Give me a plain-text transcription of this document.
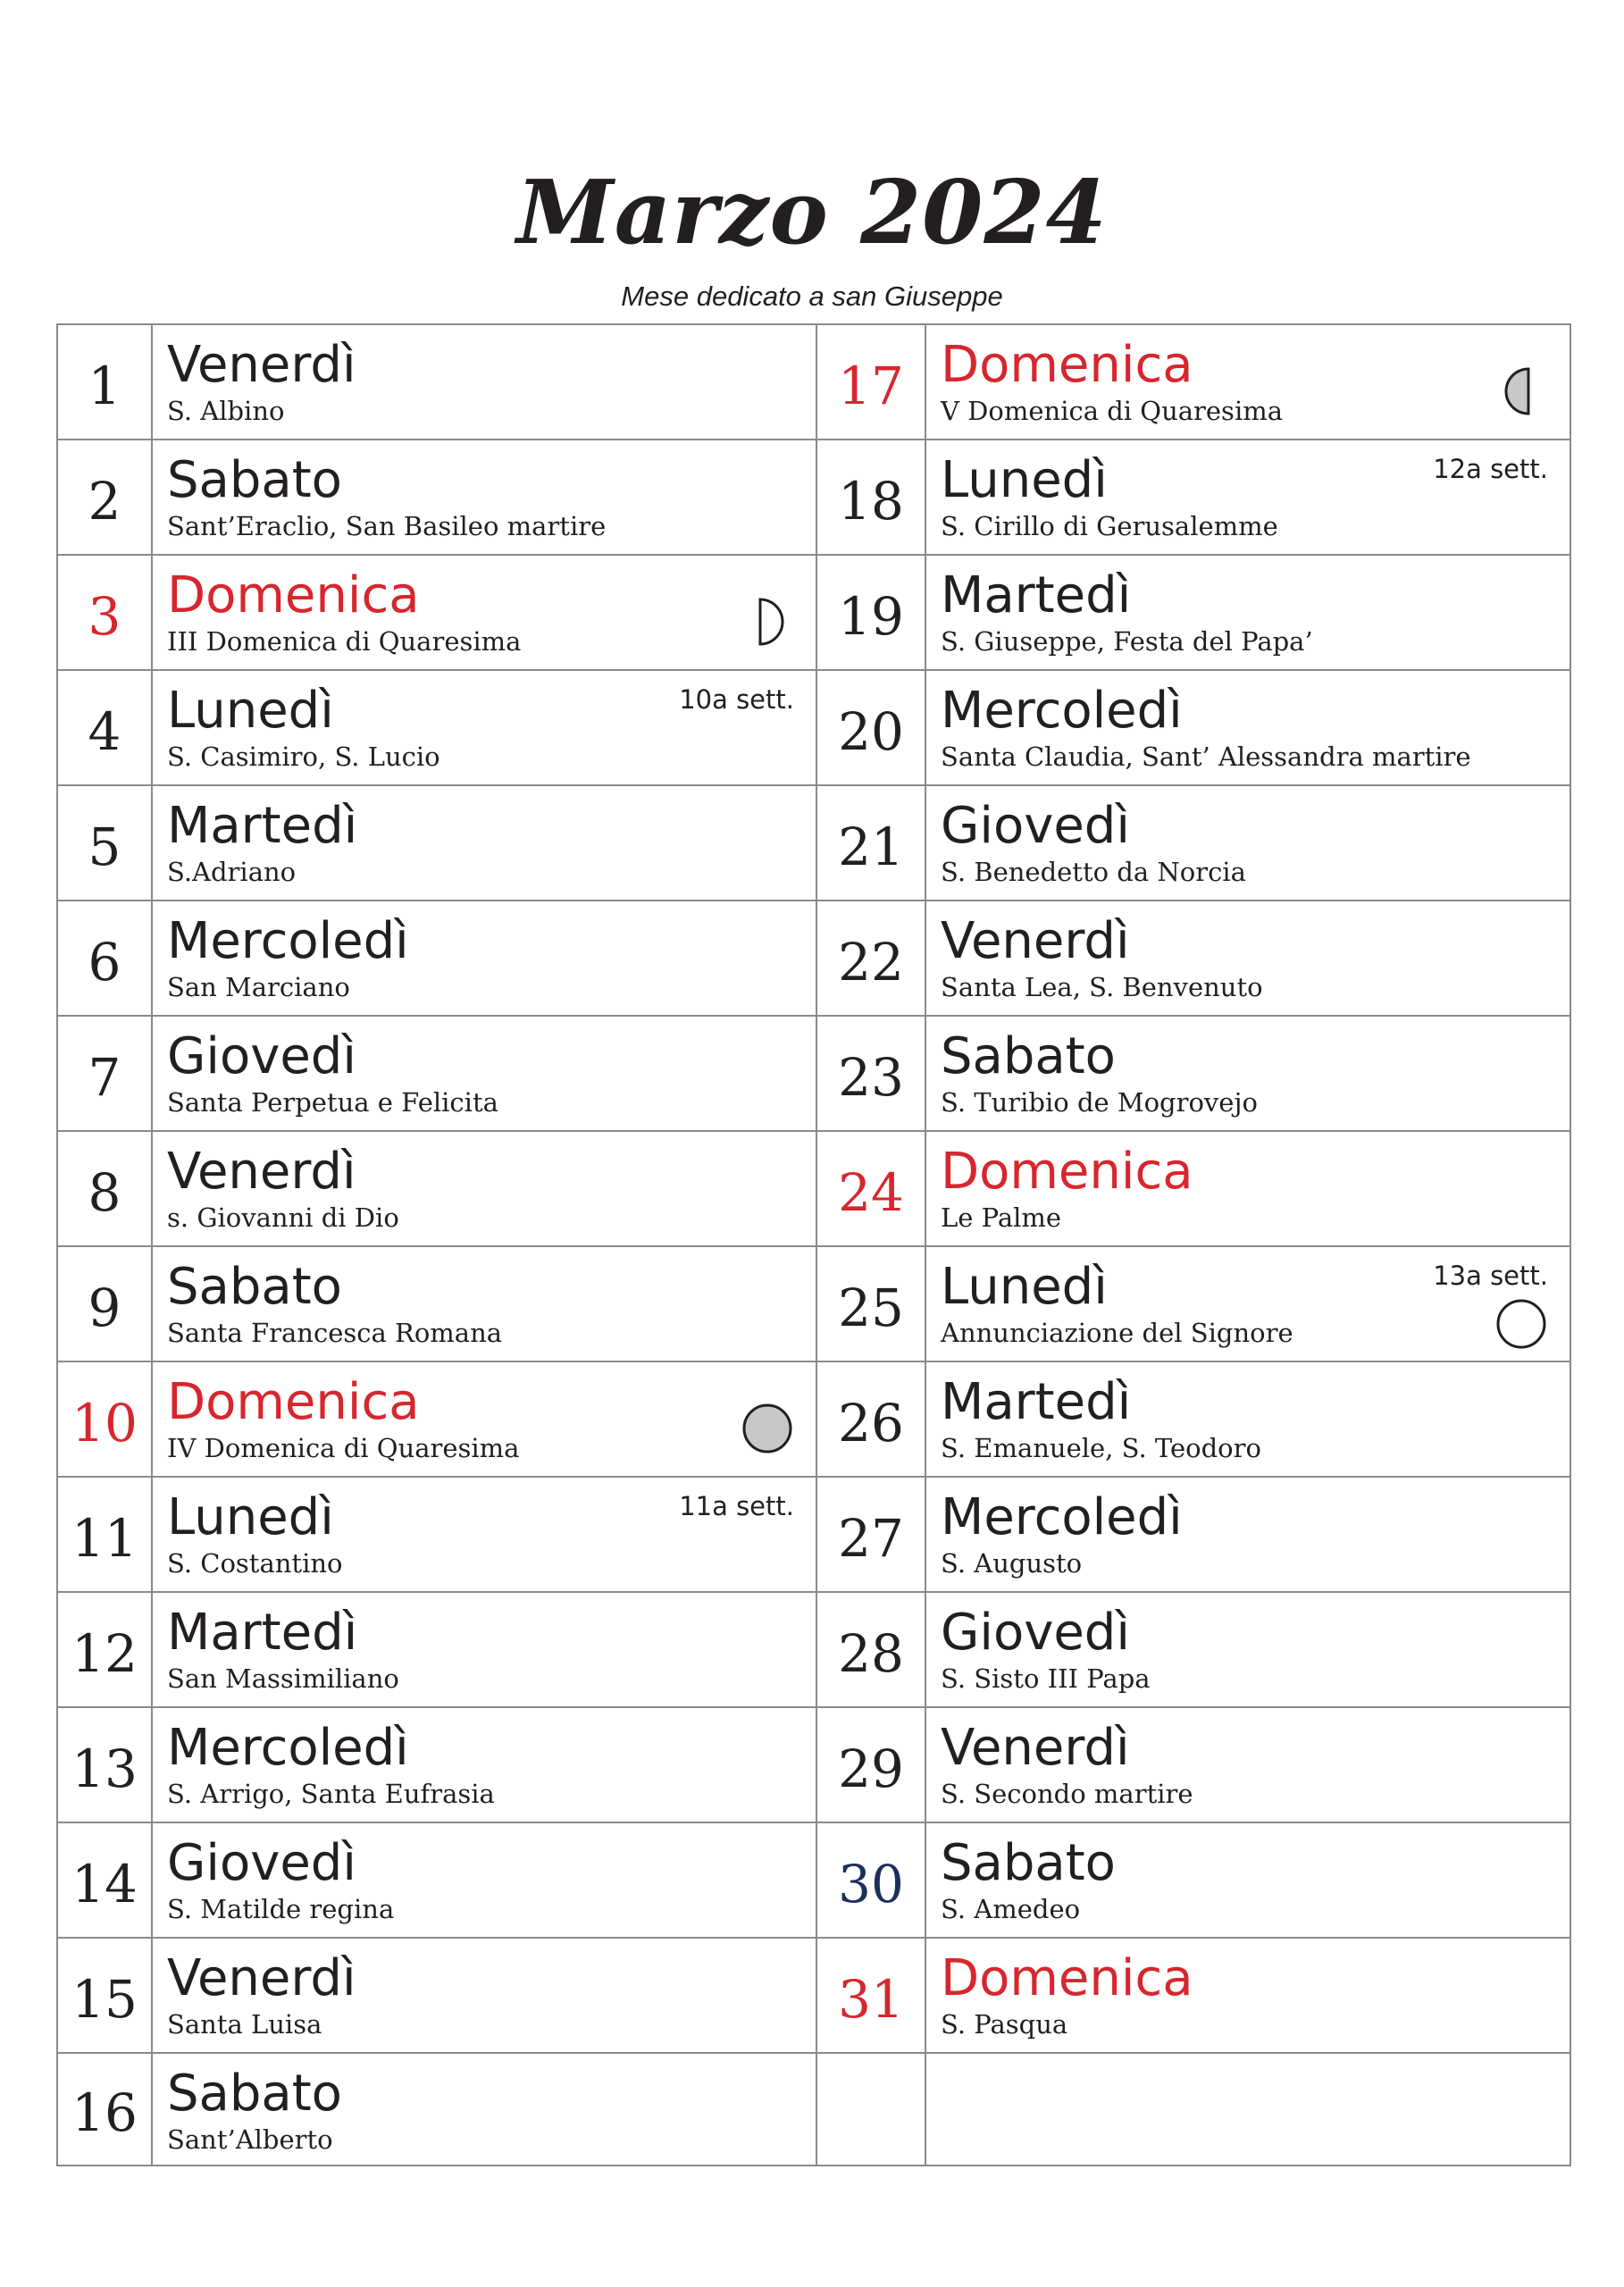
Marzo 2024
Mese dedicato a san Giuseppe
1 Venerdì
S. Albino
2 Sabato
Sant’Eraclio, San Basileo martire
3 Domenica
III Domenica di Quaresima
4 Lunedì
S. Casimiro, S. Lucio
10a sett.
5 Martedì
S.Adriano
6 Mercoledì
San Marciano
7 Giovedì
Santa Perpetua e Felicita
8 Venerdì
s. Giovanni di Dio
9 Sabato
Santa Francesca Romana
10 Domenica
IV Domenica di Quaresima
11 Lunedì
S. Costantino
11a sett.
12 Martedì
San Massimiliano
13 Mercoledì
S. Arrigo, Santa Eufrasia
14 Giovedì
S. Matilde regina
15 Venerdì
Santa Luisa
16 Sabato
Sant’Alberto
17 Domenica
V Domenica di Quaresima
18 Lunedì
S. Cirillo di Gerusalemme
12a sett.
19 Martedì
S. Giuseppe, Festa del Papa’
20 Mercoledì
Santa Claudia, Sant’ Alessandra martire
21 Giovedì
S. Benedetto da Norcia
22 Venerdì
Santa Lea, S. Benvenuto
23 Sabato
S. Turibio de Mogrovejo
24 Domenica
Le Palme
25 Lunedì
Annunciazione del Signore
13a sett.
26 Martedì
S. Emanuele, S. Teodoro
27 Mercoledì
S. Augusto
28 Giovedì
S. Sisto III Papa
29 Venerdì
S. Secondo martire
30 Sabato
S. Amedeo
31 Domenica
S. Pasqua
